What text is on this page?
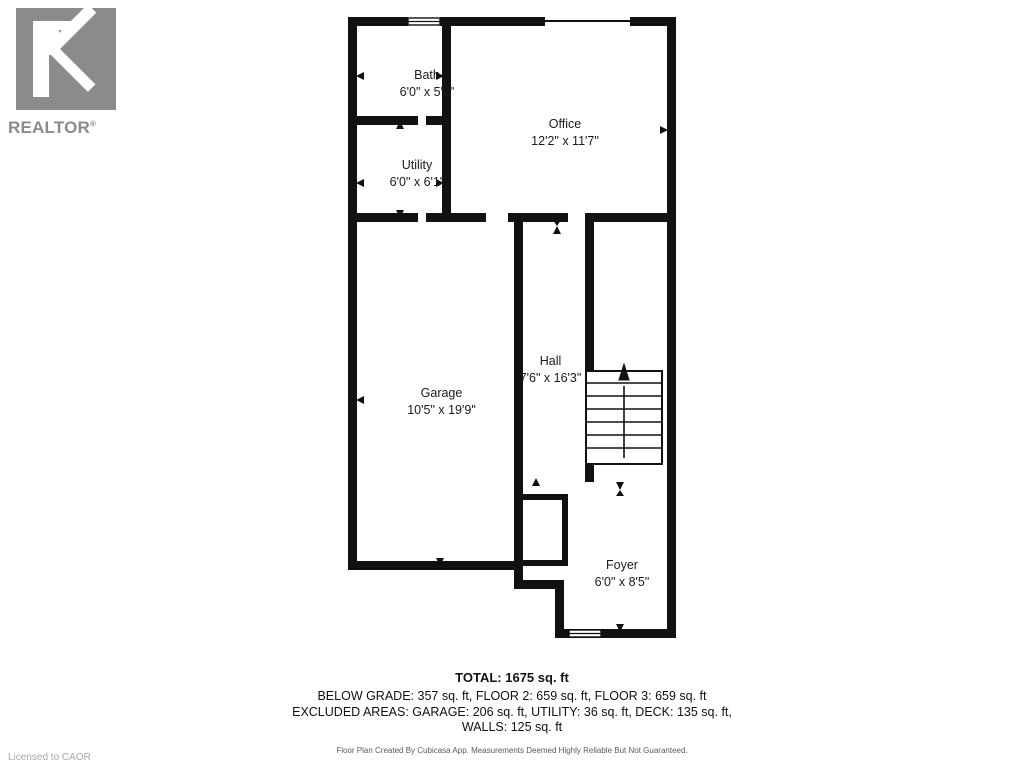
REALTOR®
Bath
6'0" x 5'2"
Office
12'2" x 11'7"
Utility
6'0" x 6'1"
Garage
10'5" x 19'9"
Hall
7'6" x 16'3"
Foyer
6'0" x 8'5"
TOTAL: 1675 sq. ft
BELOW GRADE: 357 sq. ft, FLOOR 2: 659 sq. ft, FLOOR 3: 659 sq. ft
EXCLUDED AREAS: GARAGE: 206 sq. ft, UTILITY: 36 sq. ft, DECK: 135 sq. ft,
WALLS: 125 sq. ft
Floor Plan Created By Cubicasa App. Measurements Deemed Highly Reliable But Not Guaranteed.
Licensed to CAOR
